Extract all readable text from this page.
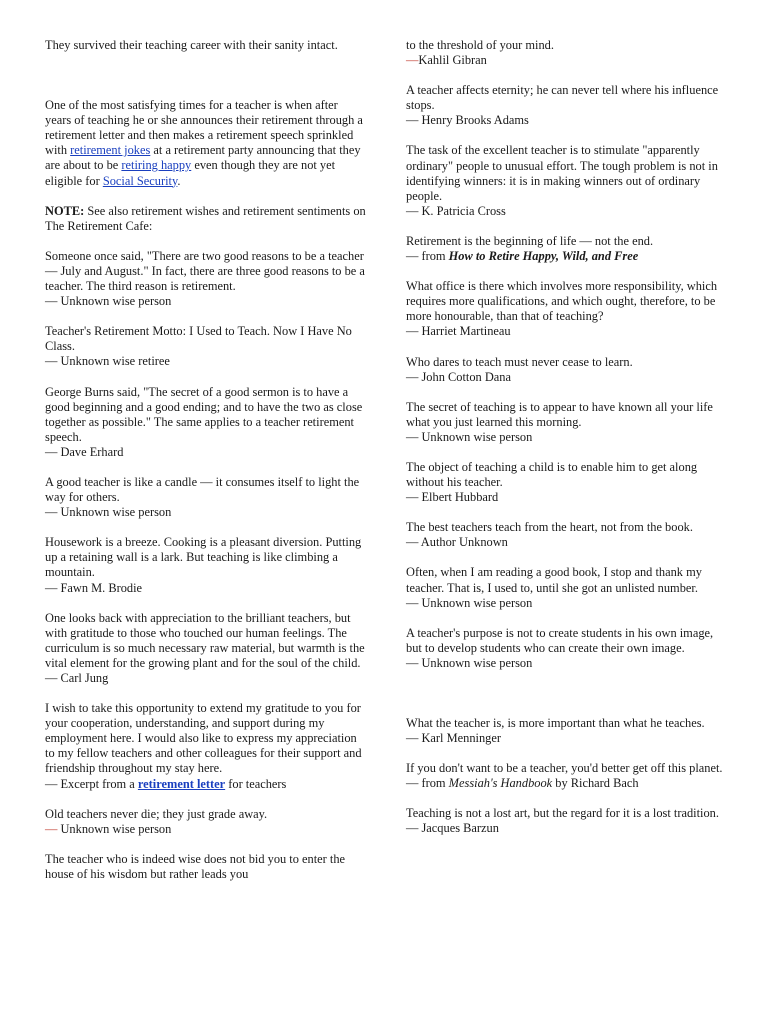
They survived their teaching career with their sanity intact.

One of the most satisfying times for a teacher is when after years of teaching he or she announces their retirement through a retirement letter and then makes a retirement speech sprinkled with retirement jokes at a retirement party announcing that they are about to be retiring happy even though they are not yet eligible for Social Security.

NOTE: See also retirement wishes and retirement sentiments on The Retirement Cafe:

Someone once said, "There are two good reasons to be a teacher — July and August." In fact, there are three good reasons to be a teacher. The third reason is retirement.

— Unknown wise person

Teacher's Retirement Motto: I Used to Teach. Now I Have No Class.

— Unknown wise retiree

George Burns said, "The secret of a good sermon is to have a good beginning and a good ending; and to have the two as close together as possible." The same applies to a teacher retirement speech.

— Dave Erhard

A good teacher is like a candle — it consumes itself to light the way for others.

— Unknown wise person

Housework is a breeze. Cooking is a pleasant diversion. Putting up a retaining wall is a lark. But teaching is like climbing a mountain.

— Fawn M. Brodie

One looks back with appreciation to the brilliant teachers, but with gratitude to those who touched our human feelings. The curriculum is so much necessary raw material, but warmth is the vital element for the growing plant and for the soul of the child.

— Carl Jung

I wish to take this opportunity to extend my gratitude to you for your cooperation, understanding, and support during my employment here. I would also like to express my appreciation to my fellow teachers and other colleagues for their support and friendship throughout my stay here.

— Excerpt from a retirement letter for teachers

Old teachers never die; they just grade away.

— Unknown wise person

The teacher who is indeed wise does not bid you to enter the house of his wisdom but rather leads you

to the threshold of your mind.

—Kahlil Gibran

A teacher affects eternity; he can never tell where his influence stops.

— Henry Brooks Adams

The task of the excellent teacher is to stimulate "apparently ordinary" people to unusual effort. The tough problem is not in identifying winners: it is in making winners out of ordinary people.

— K. Patricia Cross

Retirement is the beginning of life — not the end.

— from How to Retire Happy, Wild, and Free

What office is there which involves more responsibility, which requires more qualifications, and which ought, therefore, to be more honourable, than that of teaching?

— Harriet Martineau

Who dares to teach must never cease to learn.

— John Cotton Dana

The secret of teaching is to appear to have known all your life what you just learned this morning.

— Unknown wise person

The object of teaching a child is to enable him to get along without his teacher.

— Elbert Hubbard

The best teachers teach from the heart, not from the book.

— Author Unknown

Often, when I am reading a good book, I stop and thank my teacher. That is, I used to, until she got an unlisted number.

— Unknown wise person

A teacher's purpose is not to create students in his own image, but to develop students who can create their own image.

— Unknown wise person

What the teacher is, is more important than what he teaches.

— Karl Menninger

If you don't want to be a teacher, you'd better get off this planet.

— from Messiah's Handbook by Richard Bach

Teaching is not a lost art, but the regard for it is a lost tradition.

— Jacques Barzun
